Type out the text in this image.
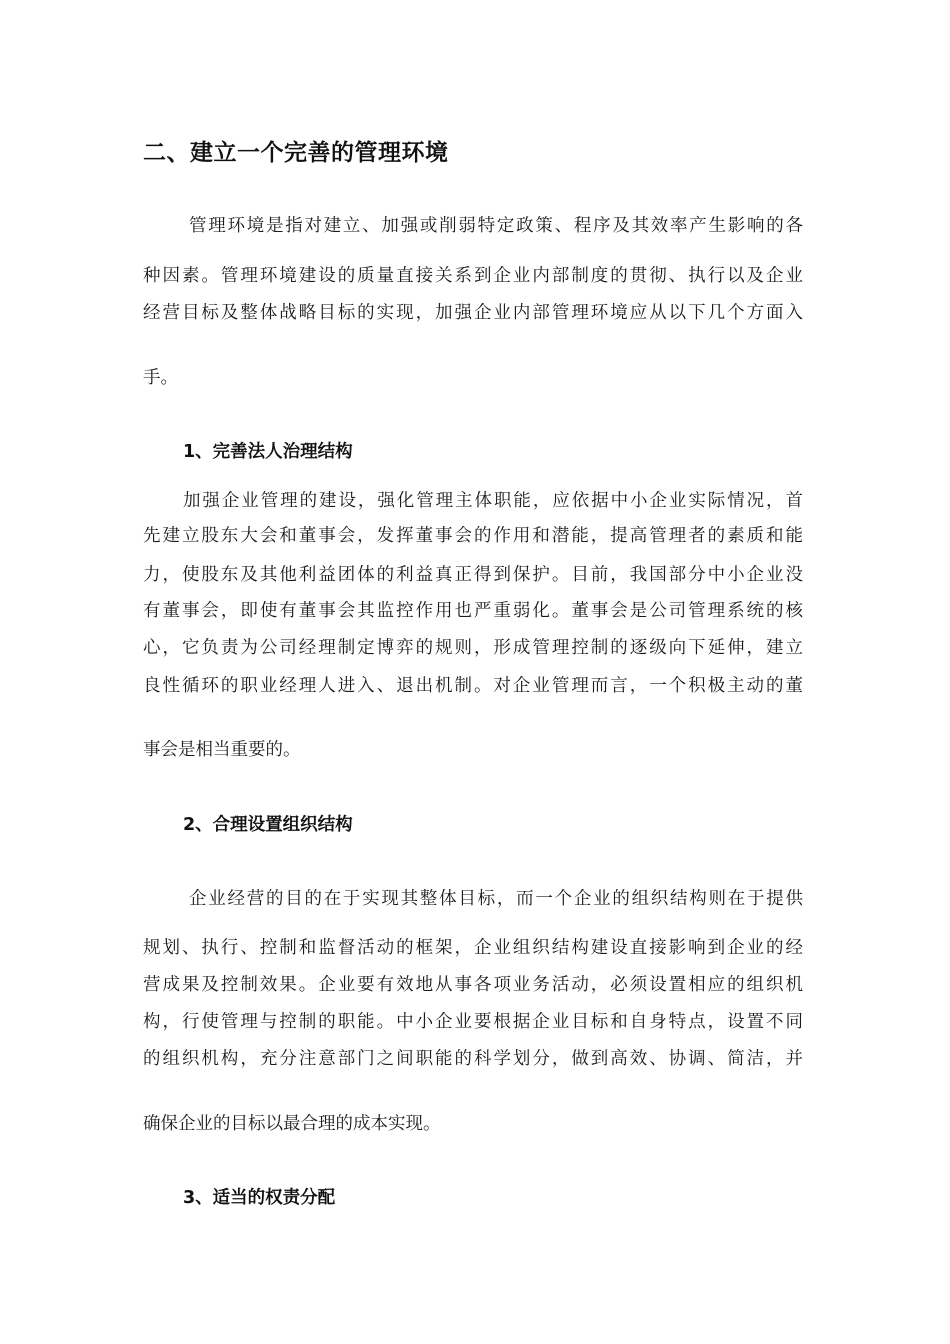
二、建立一个完善的管理环境
管理环境是指对建立、加强或削弱特定政策、程序及其效率产生影响的各
种因素。管理环境建设的质量直接关系到企业内部制度的贯彻、执行以及企业
经营目标及整体战略目标的实现，加强企业内部管理环境应从以下几个方面入
手。
1、完善法人治理结构
加强企业管理的建设，强化管理主体职能，应依据中小企业实际情况，首
先建立股东大会和董事会，发挥董事会的作用和潜能，提高管理者的素质和能
力，使股东及其他利益团体的利益真正得到保护。目前，我国部分中小企业没
有董事会，即使有董事会其监控作用也严重弱化。董事会是公司管理系统的核
心，它负责为公司经理制定博弈的规则，形成管理控制的逐级向下延伸，建立
良性循环的职业经理人进入、退出机制。对企业管理而言，一个积极主动的董
事会是相当重要的。
2、合理设置组织结构
企业经营的目的在于实现其整体目标，而一个企业的组织结构则在于提供
规划、执行、控制和监督活动的框架，企业组织结构建设直接影响到企业的经
营成果及控制效果。企业要有效地从事各项业务活动，必须设置相应的组织机
构，行使管理与控制的职能。中小企业要根据企业目标和自身特点，设置不同
的组织机构，充分注意部门之间职能的科学划分，做到高效、协调、简洁，并
确保企业的目标以最合理的成本实现。
3、适当的权责分配
